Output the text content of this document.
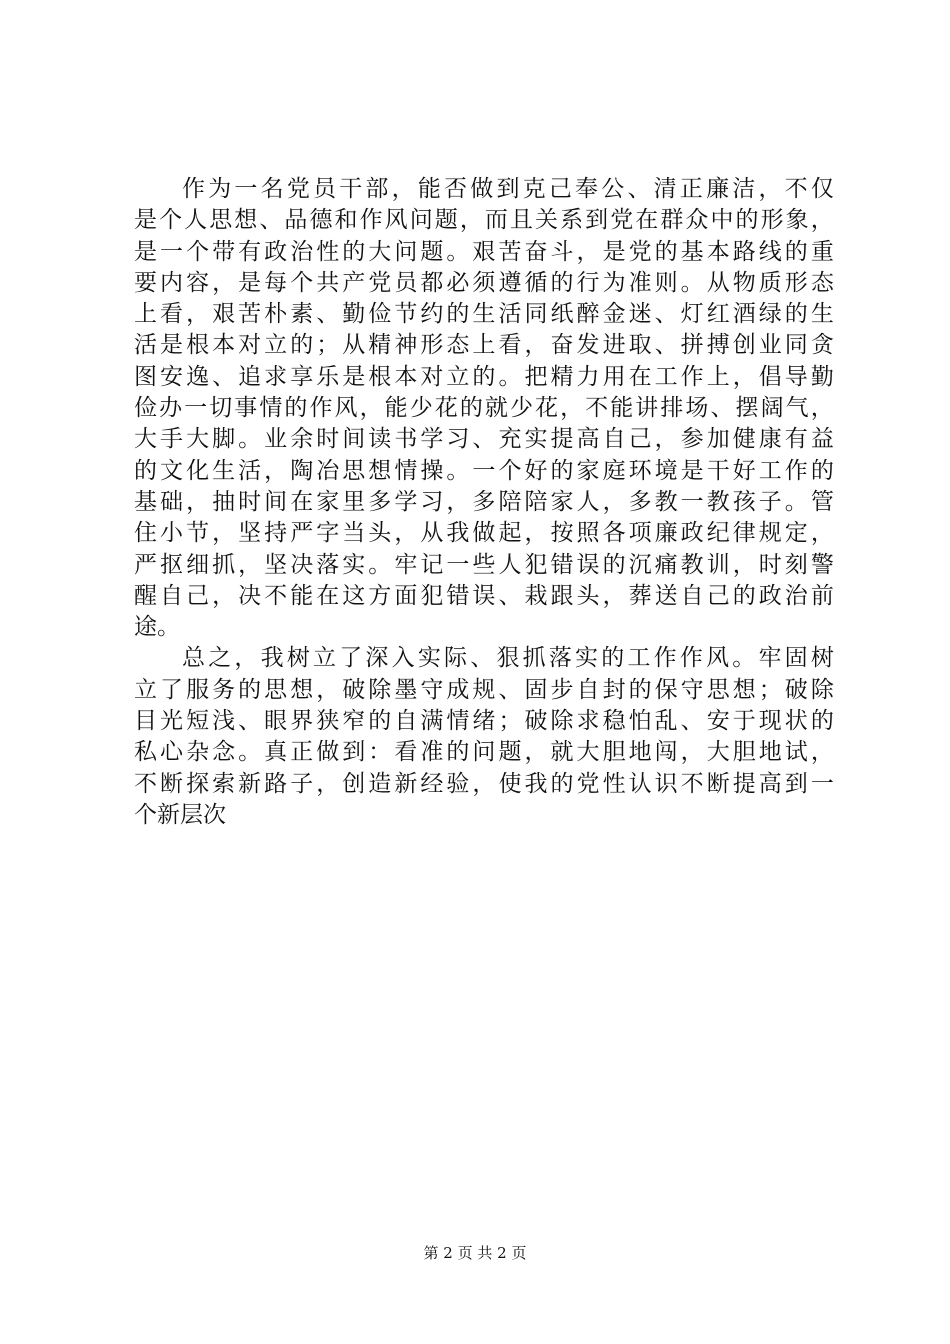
作 为 一 名 党 员 干 部 ， 能 否 做 到 克 己 奉 公 、 清 正 廉 洁 ， 不 仅
是 个 人 思 想 、 品 德 和 作 风 问 题 ， 而 且 关 系 到 党 在 群 众 中 的 形 象 ，
是 一 个 带 有 政 治 性 的 大 问 题 。 艰 苦 奋 斗 ， 是 党 的 基 本 路 线 的 重
要 内 容 ， 是 每 个 共 产 党 员 都 必 须 遵 循 的 行 为 准 则 。 从 物 质 形 态
上 看 ， 艰 苦 朴 素 、 勤 俭 节 约 的 生 活 同 纸 醉 金 迷 、 灯 红 酒 绿 的 生
活 是 根 本 对 立 的 ； 从 精 神 形 态 上 看 ， 奋 发 进 取 、 拼 搏 创 业 同 贪
图 安 逸 、 追 求 享 乐 是 根 本 对 立 的 。 把 精 力 用 在 工 作 上 ， 倡 导 勤
俭 办 一 切 事 情 的 作 风 ， 能 少 花 的 就 少 花 ， 不 能 讲 排 场 、 摆 阔 气 ，
大 手 大 脚 。 业 余 时 间 读 书 学 习 、 充 实 提 高 自 己 ， 参 加 健 康 有 益
的 文 化 生 活 ， 陶 冶 思 想 情 操 。 一 个 好 的 家 庭 环 境 是 干 好 工 作 的
基 础 ， 抽 时 间 在 家 里 多 学 习 ， 多 陪 陪 家 人 ， 多 教 一 教 孩 子 。 管
住 小 节 ， 坚 持 严 字 当 头 ， 从 我 做 起 ， 按 照 各 项 廉 政 纪 律 规 定 ，
严 抠 细 抓 ， 坚 决 落 实 。 牢 记 一 些 人 犯 错 误 的 沉 痛 教 训 ， 时 刻 警
醒 自 己 ， 决 不 能 在 这 方 面 犯 错 误 、 栽 跟 头 ， 葬 送 自 己 的 政 治 前
途。
总 之 ， 我 树 立 了 深 入 实 际 、 狠 抓 落 实 的 工 作 作 风 。 牢 固 树
立 了 服 务 的 思 想 ， 破 除 墨 守 成 规 、 固 步 自 封 的 保 守 思 想 ； 破 除
目 光 短 浅 、 眼 界 狭 窄 的 自 满 情 绪 ； 破 除 求 稳 怕 乱 、 安 于 现 状 的
私 心 杂 念 。 真 正 做 到 ： 看 准 的 问 题 ， 就 大 胆 地 闯 ， 大 胆 地 试 ，
不 断 探 索 新 路 子 ， 创 造 新 经 验 ， 使 我 的 党 性 认 识 不 断 提 高 到 一
个新层次
第 2 页 共 2 页
